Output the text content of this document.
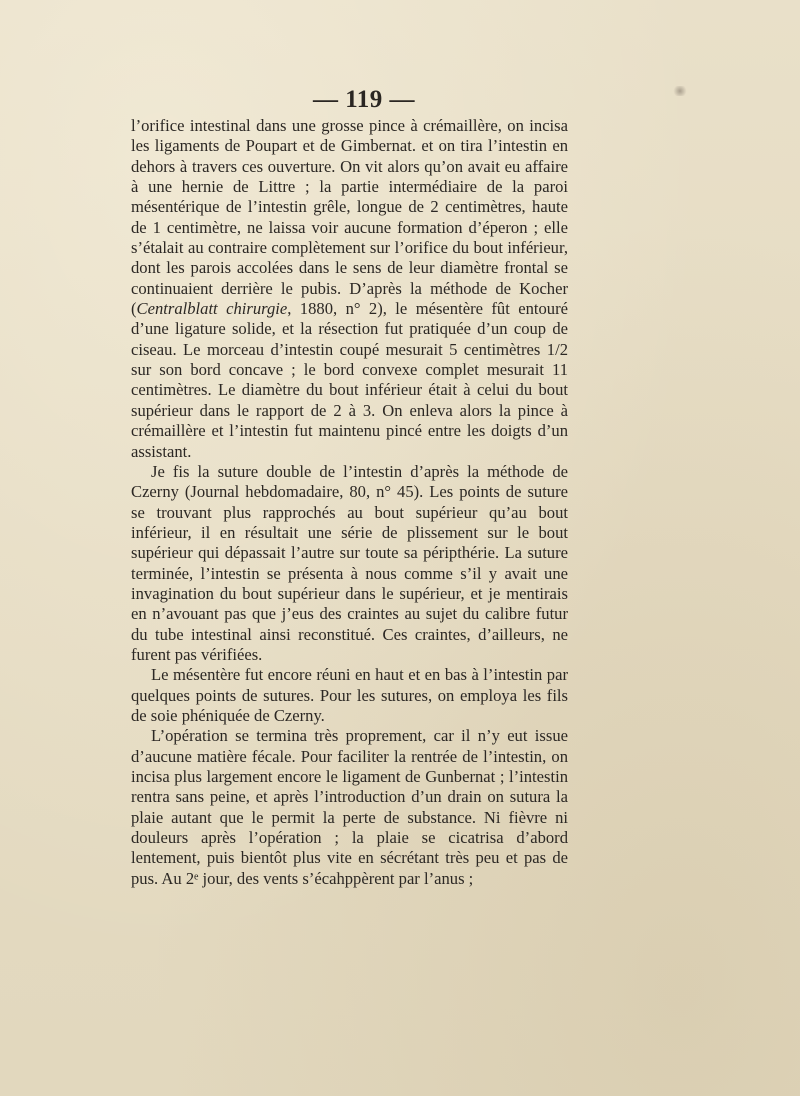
— 119 —

l’orifice intestinal dans une grosse pince à crémaillère, on incisa les ligaments de Poupart et de Gimbernat. et on tira l’intestin en dehors à travers ces ouverture. On vit alors qu’on avait eu affaire à une hernie de Littre ; la partie intermédiaire de la paroi mésentérique de l’intestin grêle, longue de 2 centimètres, haute de 1 centimètre, ne laissa voir aucune formation d’éperon ; elle s’étalait au contraire complètement sur l’orifice du bout inférieur, dont les parois accolées dans le sens de leur diamètre frontal se continuaient derrière le pubis. D’après la méthode de Kocher (Centralblatt chirurgie, 1880, n° 2), le mésentère fût entouré d’une ligature solide, et la résection fut pratiquée d’un coup de ciseau. Le morceau d’intestin coupé mesurait 5 centimètres 1/2 sur son bord concave ; le bord convexe complet mesurait 11 centimètres. Le diamètre du bout inférieur était à celui du bout supérieur dans le rapport de 2 à 3. On enleva alors la pince à crémaillère et l’intestin fut maintenu pincé entre les doigts d’un assistant.

Je fis la suture double de l’intestin d’après la méthode de Czerny (Journal hebdomadaire, 80, n° 45). Les points de suture se trouvant plus rapprochés au bout supérieur qu’au bout inférieur, il en résultait une série de plissement sur le bout supérieur qui dépassait l’autre sur toute sa péripthérie. La suture terminée, l’intestin se présenta à nous comme s’il y avait une invagination du bout supérieur dans le supérieur, et je mentirais en n’avouant pas que j’eus des craintes au sujet du calibre futur du tube intestinal ainsi reconstitué. Ces craintes, d’ailleurs, ne furent pas vérifiées.

Le mésentère fut encore réuni en haut et en bas à l’intestin par quelques points de sutures. Pour les sutures, on employa les fils de soie phéniquée de Czerny.

L’opération se termina très proprement, car il n’y eut issue d’aucune matière fécale. Pour faciliter la rentrée de l’intestin, on incisa plus largement encore le ligament de Gunbernat ; l’intestin rentra sans peine, et après l’introduction d’un drain on sutura la plaie autant que le permit la perte de substance. Ni fièvre ni douleurs après l’opération ; la plaie se cicatrisa d’abord lentement, puis bientôt plus vite en sécrétant très peu et pas de pus. Au 2ᵉ jour, des vents s’écahppèrent par l’anus ;
